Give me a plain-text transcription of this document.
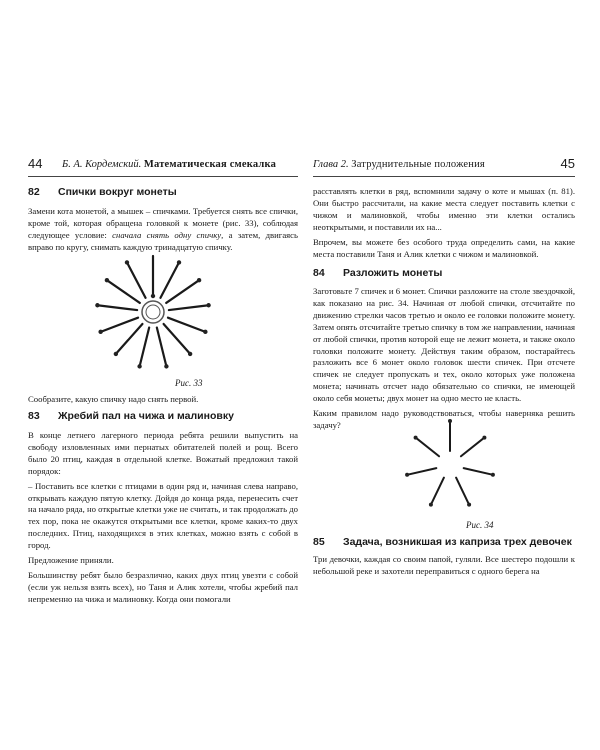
44 Б. А. Кордемский. Математическая смекалка	Глава 2. Затруднительные положения	45
82 Спички вокруг монеты

Замени кота монетой, а мышек – спичками. Требуется снять все спички, кроме той, которая обращена головкой к монете (рис. 33), соблюдая следующее условие: сначала снять одну спичку, а затем, двигаясь вправо по кругу, снимать каждую тринадцатую спичку.

Рис. 33

Сообразите, какую спичку надо снять первой.

83 Жребий пал на чижа и малиновку

В конце летнего лагерного периода ребята решили выпустить на свободу изловленных ими пернатых обитателей полей и рощ. Всего было 20 птиц, каждая в отдельной клетке. Вожатый предложил такой порядок:

– Поставить все клетки с птицами в один ряд и, начиная слева направо, открывать каждую пятую клетку. Дойдя до конца ряда, перенесить счет на начало ряда, но открытые клетки уже не считать, и так продолжать до тех пор, пока не окажутся открытыми все клетки, кроме каких-то двух последних. Птиц, находящихся в этих клетках, можно взять с собой в город.

Предложение приняли.

Большинству ребят было безразлично, каких двух птиц увезти с собой (если уж нельзя взять всех), но Таня и Алик хотели, чтобы жребий пал непременно на чижа и малиновку. Когда они помогали

расставлять клетки в ряд, вспомнили задачу о коте и мышах (п. 81). Они быстро рассчитали, на какие места следует поставить клетки с чижом и малиновкой, чтобы именно эти клетки остались неоткрытыми, и поставили их на...

Впрочем, вы можете без особого труда определить сами, на какие места поставили Таня и Алик клетки с чижом и малиновкой.

84 Разложить монеты

Заготовьте 7 спичек и 6 монет. Спички разложите на столе звездочкой, как показано на рис. 34. Начиная от любой спички, отсчитайте по движению стрелки часов третью и около ее головки положите монету. Затем опять отсчитайте третью спичку в том же направлении, начиная от любой спички, против которой еще не лежит монета, и также около головки положите монету. Действуя таким образом, постарайтесь разложить все 6 монет около головок шести спичек. При отсчете спичек не следует пропускать и тех, около которых уже положена монета; начинать отсчет надо обязательно со спички, не имеющей около себя монеты; двух монет на одно место не класть.

Каким правилом надо руководствоваться, чтобы наверняка решить задачу?

Рис. 34
85 Задача, возникшая из каприза трех девочек

Три девочки, каждая со своим папой, гуляли. Все шестеро подошли к небольшой реке и захотели переправиться с одного берега на
